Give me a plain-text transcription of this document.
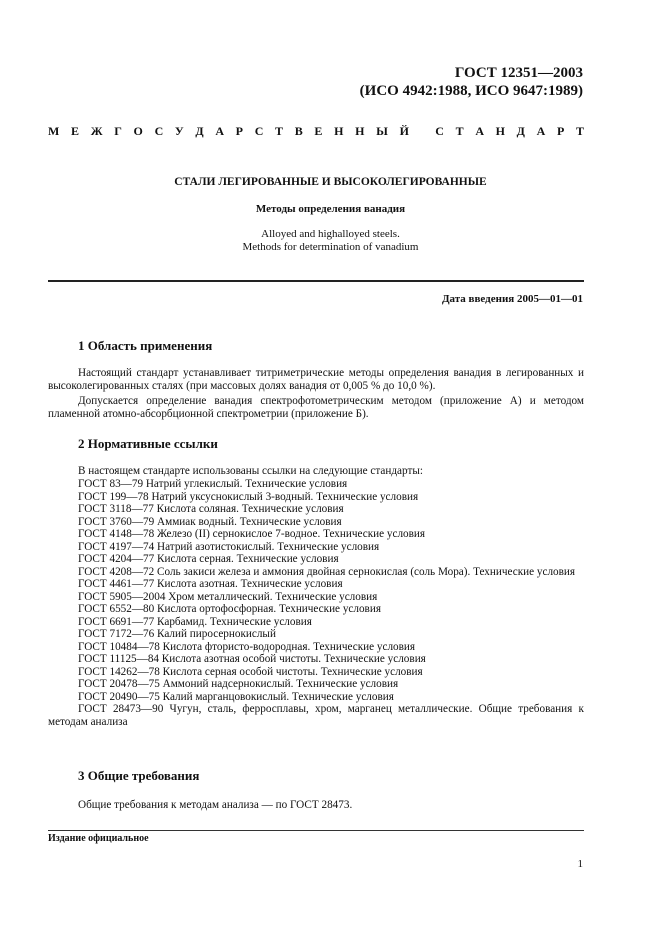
ГОСТ 12351—2003
(ИСО 4942:1988, ИСО 9647:1989)
М Е Ж Г О С У Д А Р С Т В Е Н Н Ы Й
С Т А Н Д А Р Т
СТАЛИ ЛЕГИРОВАННЫЕ И ВЫСОКОЛЕГИРОВАННЫЕ
Методы определения ванадия
Alloyed and highalloyed steels.
Methods for determination of vanadium
Дата введения 2005—01—01
1 Область применения
Настоящий стандарт устанавливает титриметрические методы определения ванадия в легированных и высоколегированных сталях (при массовых долях ванадия от 0,005 % до 10,0 %).
Допускается определение ванадия спектрофотометрическим методом (приложение А) и методом пламенной атомно-абсорбционной спектрометрии (приложение Б).
2 Нормативные ссылки
В настоящем стандарте использованы ссылки на следующие стандарты:
ГОСТ 83—79 Натрий углекислый. Технические условия
ГОСТ 199—78 Натрий уксуснокислый 3-водный. Технические условия
ГОСТ 3118—77 Кислота соляная. Технические условия
ГОСТ 3760—79 Аммиак водный. Технические условия
ГОСТ 4148—78 Железо (II) сернокислое 7-водное. Технические условия
ГОСТ 4197—74 Натрий азотистокислый. Технические условия
ГОСТ 4204—77 Кислота серная. Технические условия
ГОСТ 4208—72 Соль закиси железа и аммония двойная сернокислая (соль Мора). Технические условия
ГОСТ 4461—77 Кислота азотная. Технические условия
ГОСТ 5905—2004 Хром металлический. Технические условия
ГОСТ 6552—80 Кислота ортофосфорная. Технические условия
ГОСТ 6691—77 Карбамид. Технические условия
ГОСТ 7172—76 Калий пиросернокислый
ГОСТ 10484—78 Кислота фтористо-водородная. Технические условия
ГОСТ 11125—84 Кислота азотная особой чистоты. Технические условия
ГОСТ 14262—78 Кислота серная особой чистоты. Технические условия
ГОСТ 20478—75 Аммоний надсернокислый. Технические условия
ГОСТ 20490—75 Калий марганцовокислый. Технические условия
ГОСТ 28473—90 Чугун, сталь, ферросплавы, хром, марганец металлические. Общие требования к методам анализа
3 Общие требования
Общие требования к методам анализа — по ГОСТ 28473.
Издание официальное
1
